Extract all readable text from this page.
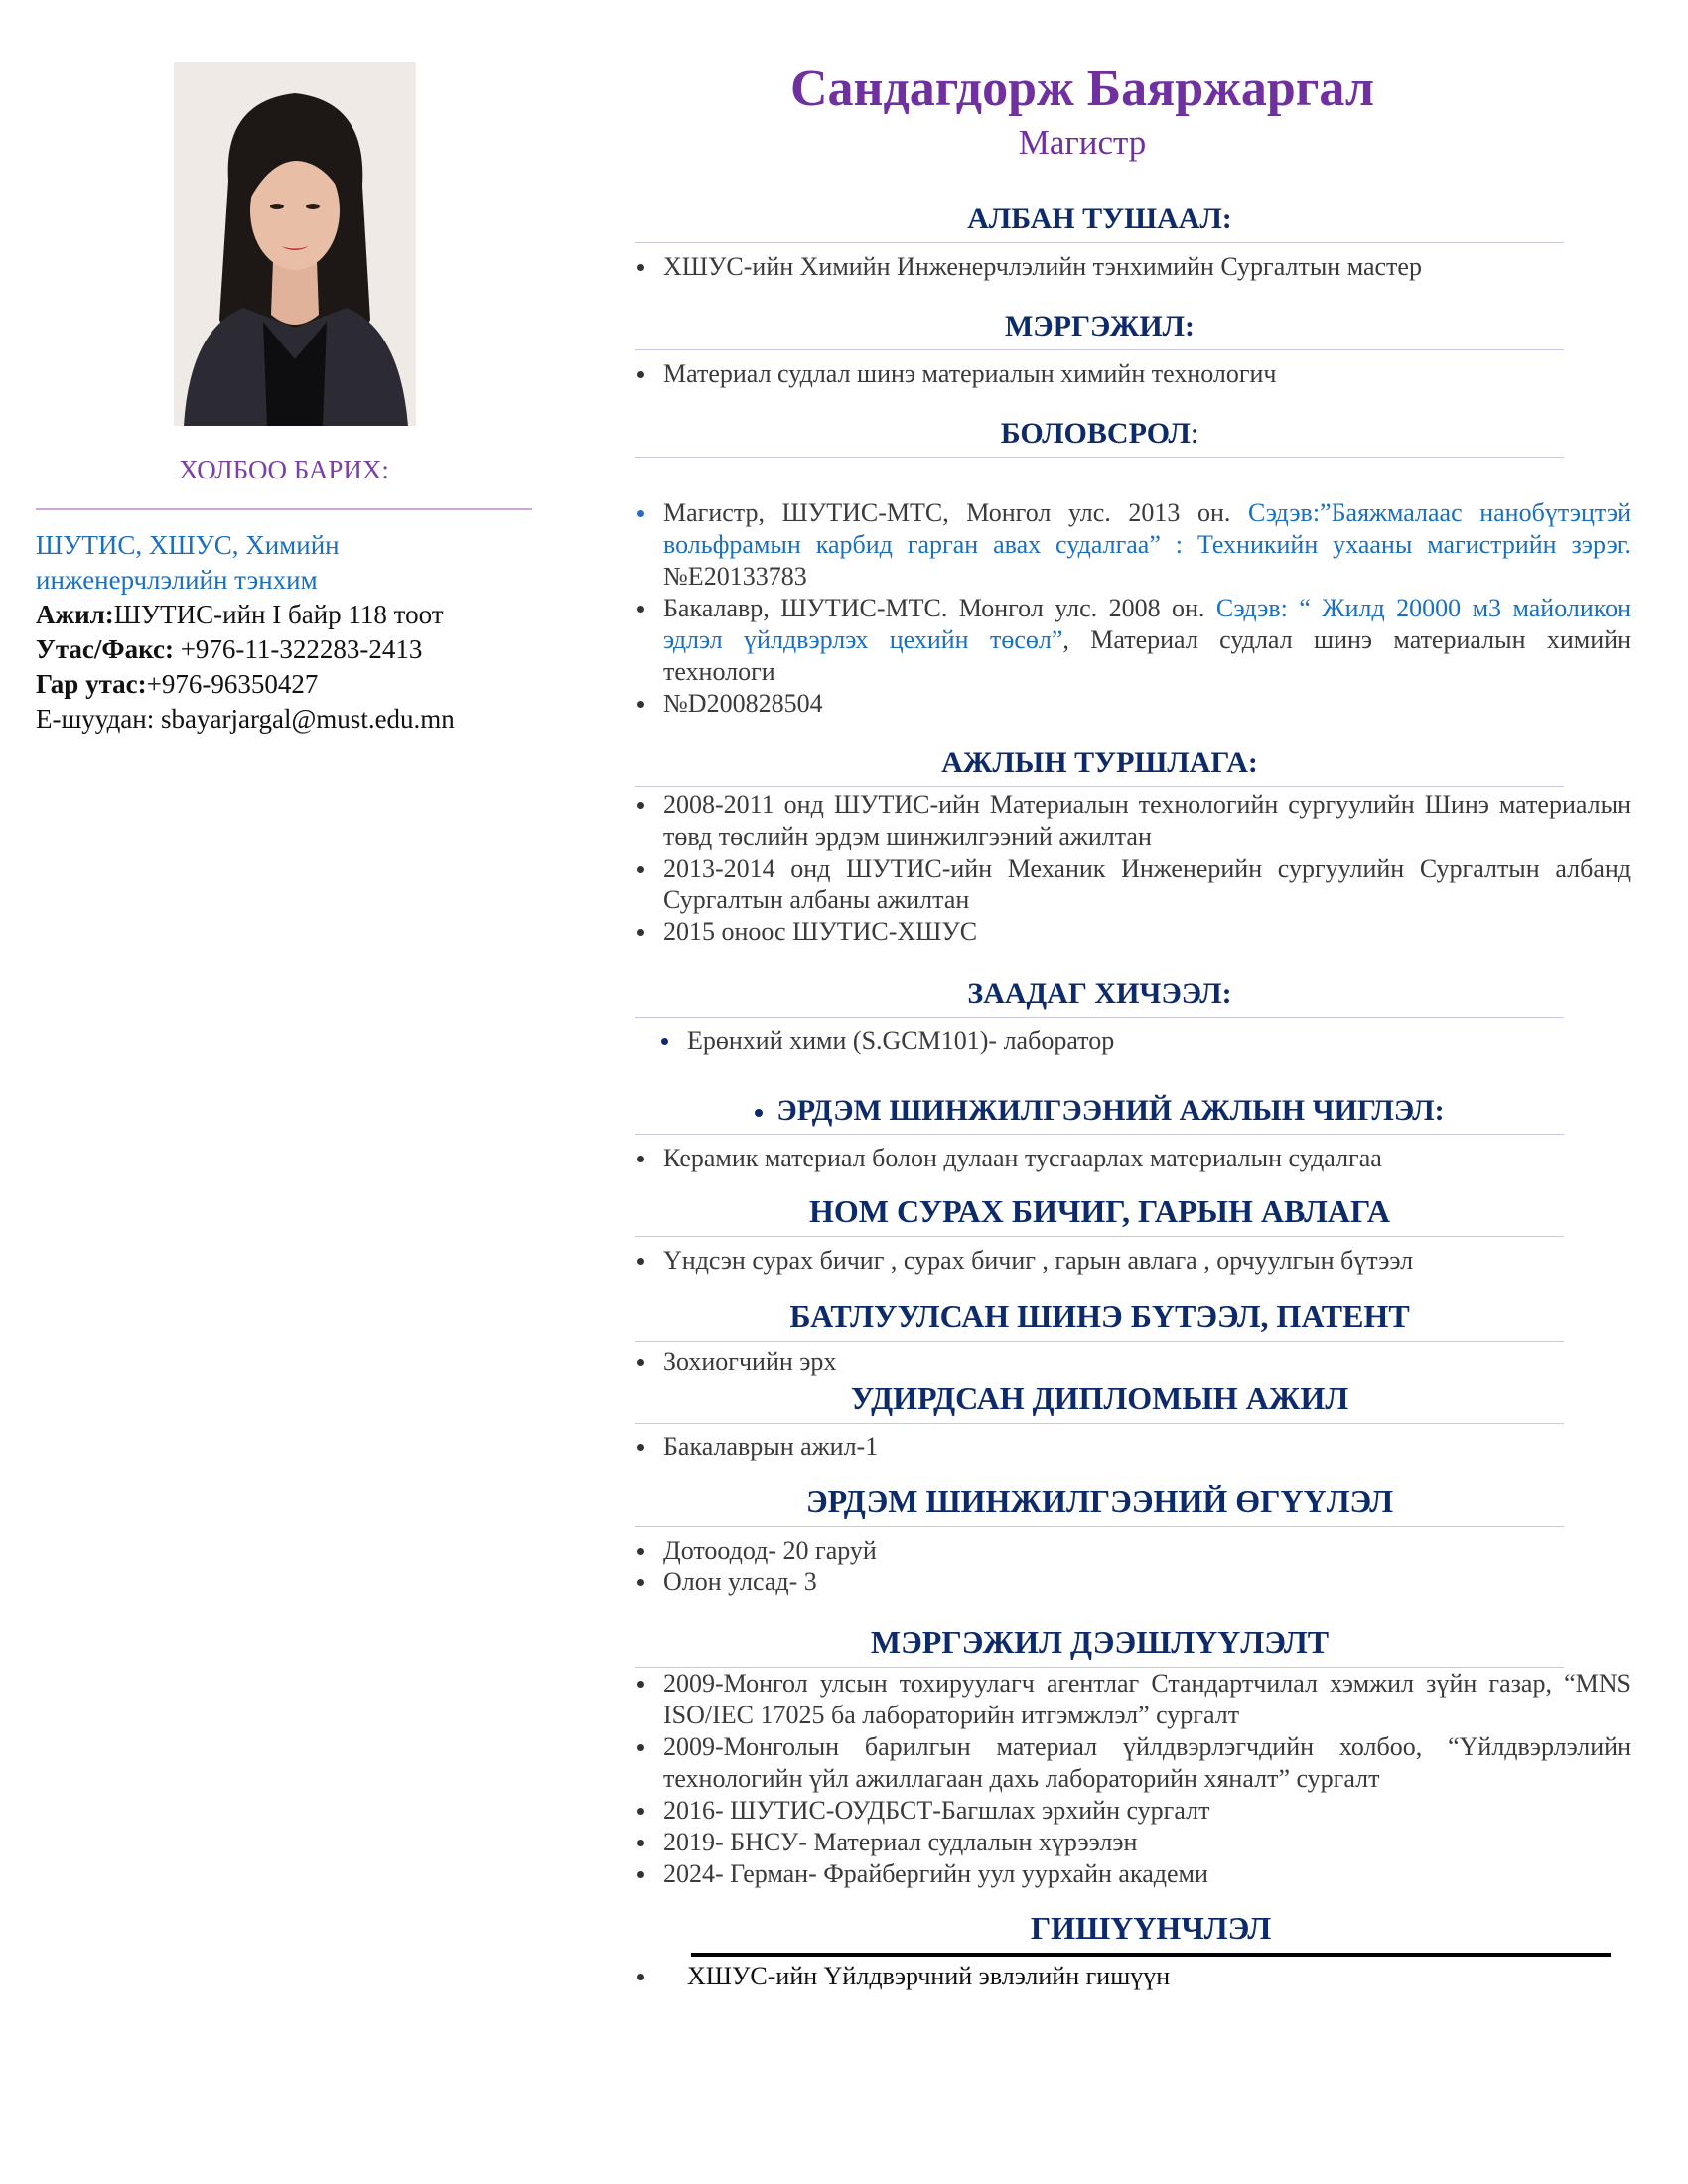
ХОЛБОО БАРИХ:
ШУТИС, ХШУС, Химийн
инженерчлэлийн тэнхим
Ажил:ШУТИС-ийн I байр 118 тоот
Утас/Факс: +976-11-322283-2413
Гар утас:+976-96350427
E-шуудан: sbayarjargal@must.edu.mn
Сандагдорж Баяржаргал
Магистр
АЛБАН ТУШААЛ:
ХШУС-ийн Химийн Инженерчлэлийн тэнхимийн Сургалтын мастер
МЭРГЭЖИЛ:
Материал судлал шинэ материалын химийн технологич
БОЛОВСРОЛ:
Магистр, ШУТИС-МТС, Монгол улс. 2013 он. Сэдэв:”Баяжмалаас нанобүтэцтэй вольфрамын карбид гарган авах судалгаа” : Техникийн ухааны магистрийн зэрэг.№E20133783
Бакалавр, ШУТИС-МТС. Монгол улс. 2008 он. Сэдэв: “ Жилд 20000 м3 майоликон эдлэл үйлдвэрлэх цехийн төсөл”, Материал судлал шинэ материалын химийн технологи
№D200828504
АЖЛЫН ТУРШЛАГА:
2008-2011 онд ШУТИС-ийн Материалын технологийн сургуулийн Шинэ материалын төвд төслийн эрдэм шинжилгээний ажилтан
2013-2014 онд ШУТИС-ийн Механик Инженерийн сургуулийн Сургалтын албанд Сургалтын албаны ажилтан
2015 оноос ШУТИС-ХШУС
ЗААДАГ ХИЧЭЭЛ:
Ерөнхий хими (S.GCM101)- лаборатор
ЭРДЭМ ШИНЖИЛГЭЭНИЙ АЖЛЫН ЧИГЛЭЛ:
Керамик материал болон дулаан тусгаарлах материалын судалгаа
НОМ СУРАХ БИЧИГ, ГАРЫН АВЛАГА
Үндсэн сурах бичиг , сурах бичиг , гарын авлага , орчуулгын бүтээл
БАТЛУУЛСАН ШИНЭ БҮТЭЭЛ, ПАТЕНТ
Зохиогчийн эрх
УДИРДСАН ДИПЛОМЫН АЖИЛ
Бакалаврын ажил-1
ЭРДЭМ ШИНЖИЛГЭЭНИЙ ӨГҮҮЛЭЛ
Дотоодод- 20 гаруй
Олон улсад- 3
МЭРГЭЖИЛ ДЭЭШЛҮҮЛЭЛТ
2009-Монгол улсын тохируулагч агентлаг Стандартчилал хэмжил зүйн газар, “MNS ISO/IEC 17025 ба лабораторийн итгэмжлэл” сургалт
2009-Монголын барилгын материал үйлдвэрлэгчдийн холбоо, “Үйлдвэрлэлийн технологийн үйл ажиллагаан дахь лабораторийн хяналт” сургалт
2016- ШУТИС-ОУДБСТ-Багшлах эрхийн сургалт
2019- БНСУ- Материал судлалын хүрээлэн
2024- Герман- Фрайбергийн уул уурхайн академи
ГИШҮҮНЧЛЭЛ
ХШУС-ийн Үйлдвэрчний эвлэлийн гишүүн
